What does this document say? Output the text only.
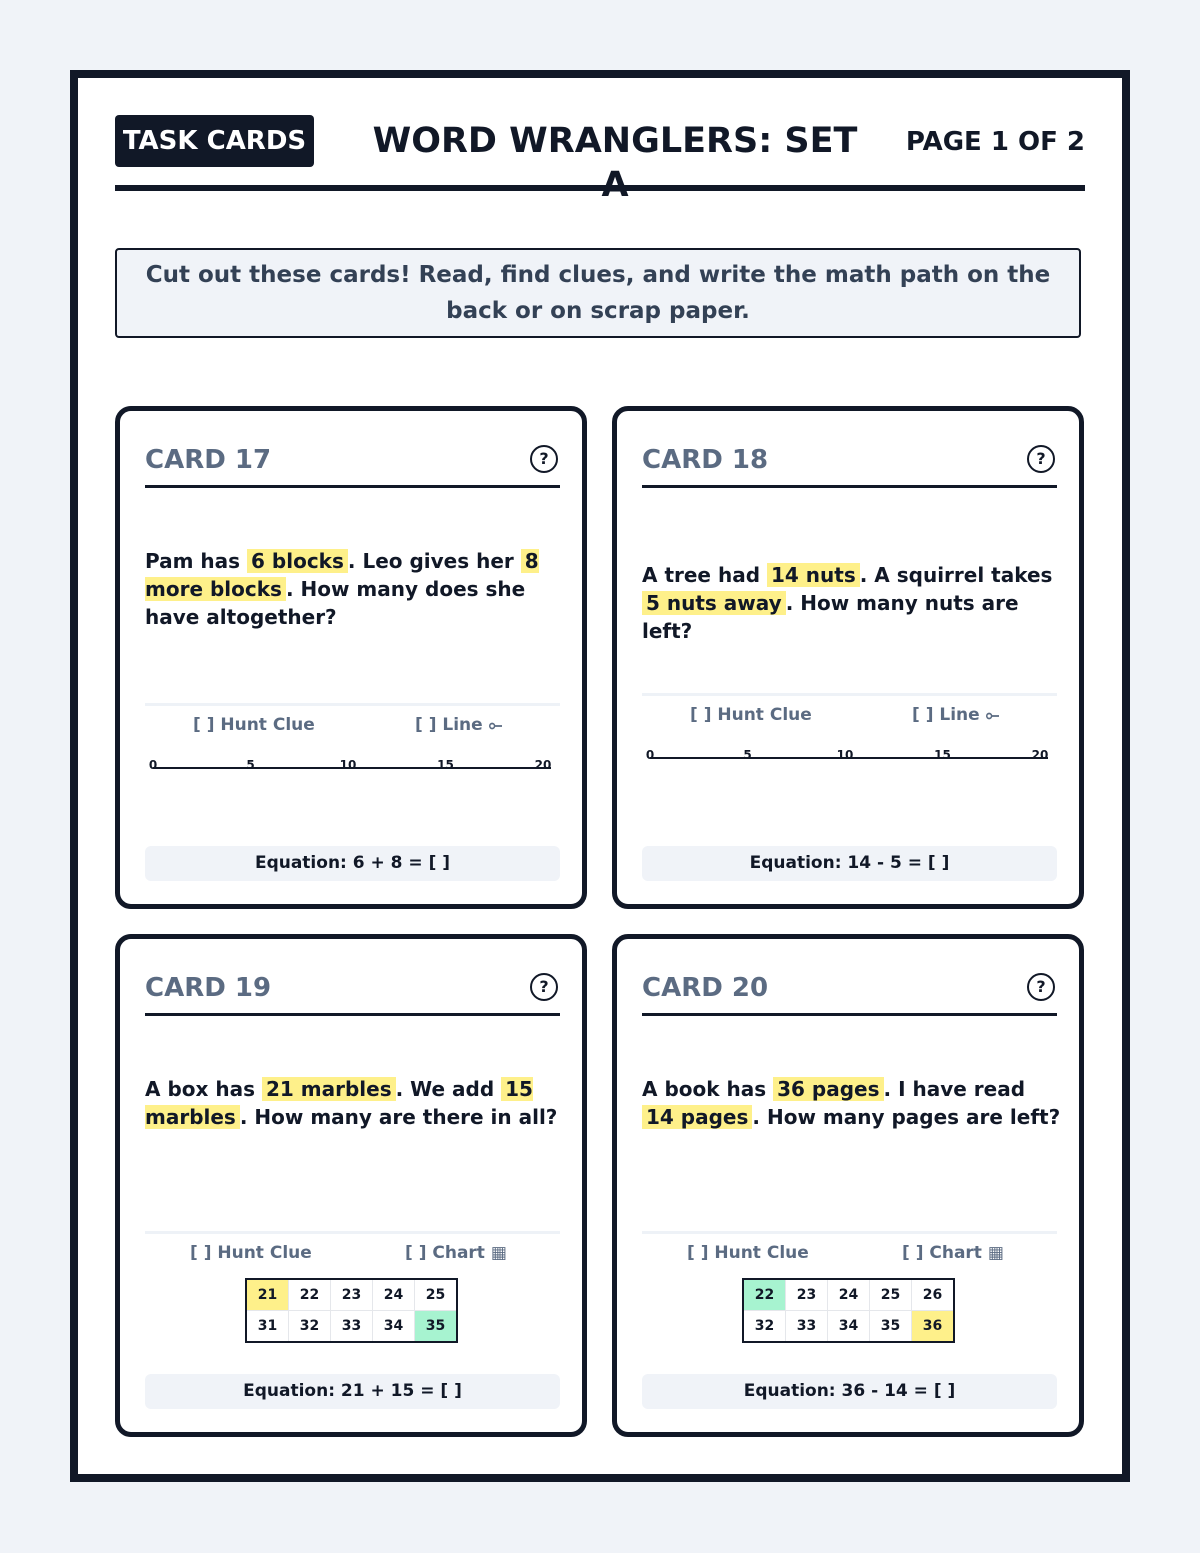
TASK CARDS	WORD WRANGLERS: SET A
PAGE 1 OF 2
Cut out these cards! Read, find clues, and write the math path on the back or on scrap paper.
CARD 17	?
Pam has 6 blocks . Leo gives her 8 more blocks . How many does she have altogether?
[ ] Hunt Clue	[ ] Line ⟜
0	5	10	15	20
Equation: 6 + 8 = [ ]
CARD 18	?
A tree had 14 nuts . A squirrel takes 5 nuts away . How many nuts are left?
[ ] Hunt Clue	[ ] Line ⟜
0	5	10	15	20
Equation: 14 - 5 = [ ]
CARD 19	?
A box has 21 marbles . We add 15 marbles . How many are there in all?
[ ] Hunt Clue	[ ] Chart ▦
21	22	23	24	25
31	32	33	34	35
Equation: 21 + 15 = [ ]
CARD 20	?
A book has 36 pages . I have read 14 pages . How many pages are left?
[ ] Hunt Clue	[ ] Chart ▦
22	23	24	25	26
32	33	34	35	36
Equation: 36 - 14 = [ ]
